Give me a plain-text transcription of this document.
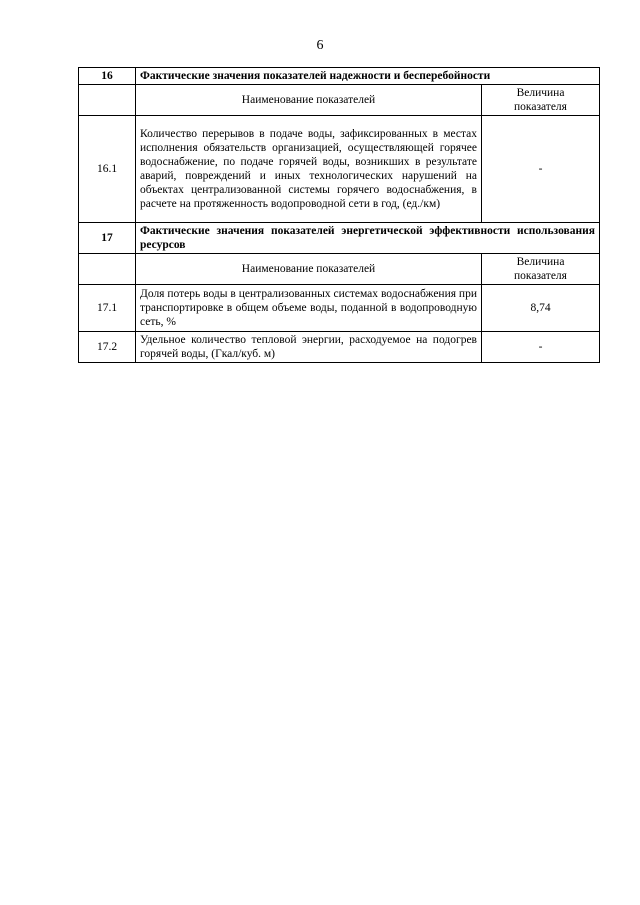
6
16	Фактические значения показателей надежности и бесперебойности	
	Наименование показателей	Величина показателя
16.1	Количество перерывов в подаче воды, зафиксированных в местах исполнения обязательств организацией, осуществляющей горячее водоснабжение, по подаче горячей воды, возникших в результате аварий, повреждений и иных технологических нарушений на объектах централизованной системы горячего водоснабжения, в расчете на протяженность водопроводной сети в год, (ед./км)	-
17	Фактические значения показателей энергетической эффективности использования ресурсов	
	Наименование показателей	Величина показателя
17.1	Доля потерь воды в централизованных системах водоснабжения при транспортировке в общем объеме воды, поданной в водопроводную сеть, %	8,74
17.2	Удельное количество тепловой энергии, расходуемое на подогрев горячей воды, (Гкал/куб. м)	-
